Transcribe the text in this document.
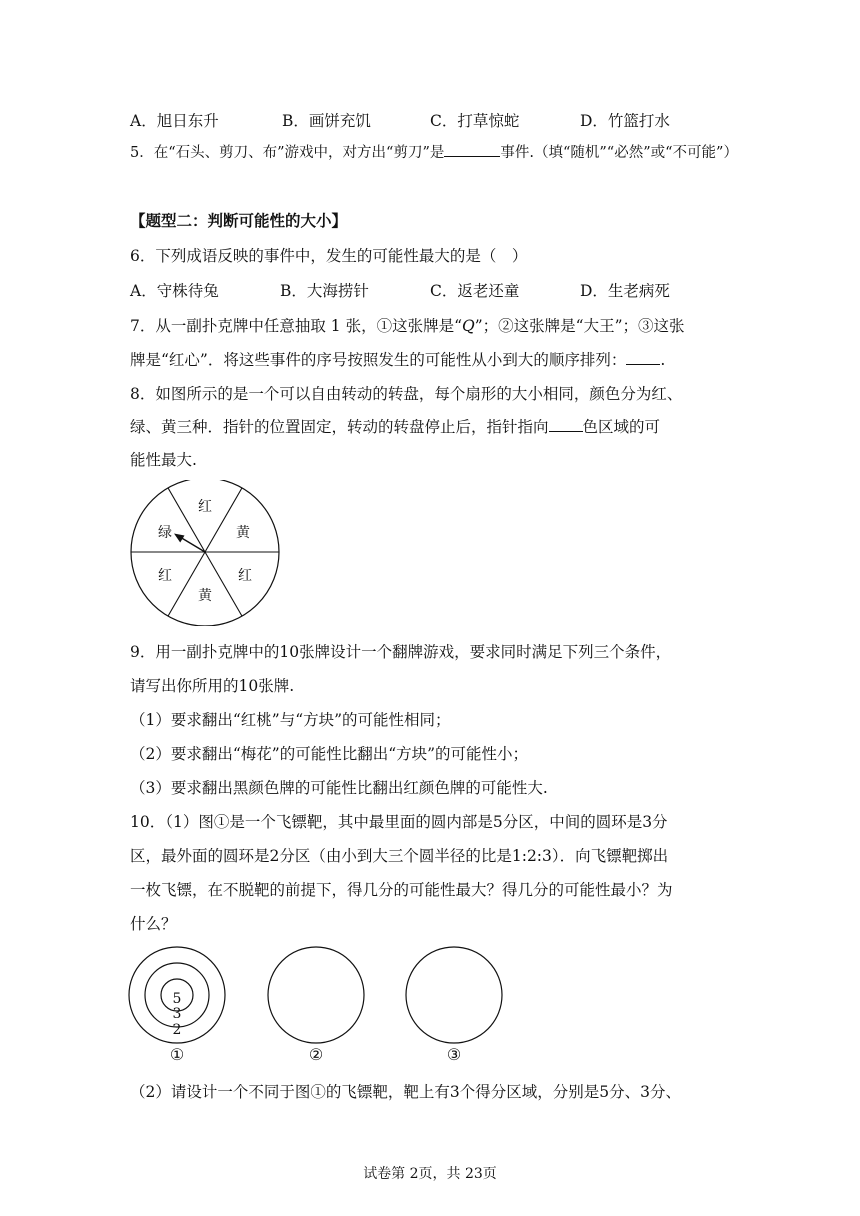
A．旭日东升	B．画饼充饥	C．打草惊蛇	D．竹篮打水
5．在“石头、剪刀、布”游戏中，对方出“剪刀”是	事件.（填“随机”“必然”或“不可能”）
【题型二：判断可能性的大小】
6．下列成语反映的事件中，发生的可能性最大的是（　）
A．守株待兔	B．大海捞针	C．返老还童	D．生老病死
7．从一副扑克牌中任意抽取 1 张，①这张牌是“Q”；②这张牌是“大王”；③这张
牌是“红心”．将这些事件的序号按照发生的可能性从小到大的顺序排列： .
8．如图所示的是一个可以自由转动的转盘，每个扇形的大小相同，颜色分为红、
绿、黄三种．指针的位置固定，转动的转盘停止后，指针指向 色区域的可
能性最大.
红
黄
红
黄
红
绿
9．用一副扑克牌中的10张牌设计一个翻牌游戏，要求同时满足下列三个条件，
请写出你所用的10张牌.
（1）要求翻出“红桃”与“方块”的可能性相同；
（2）要求翻出“梅花”的可能性比翻出“方块”的可能性小；
（3）要求翻出黑颜色牌的可能性比翻出红颜色牌的可能性大.
10．（1）图①是一个飞镖靶，其中最里面的圆内部是5分区，中间的圆环是3分
区，最外面的圆环是2分区（由小到大三个圆半径的比是1:2:3）．向飞镖靶掷出
一枚飞镖，在不脱靶的前提下，得几分的可能性最大？得几分的可能性最小？为
什么？
5
3
2
①	②	③
（2）请设计一个不同于图①的飞镖靶，靶上有3个得分区域，分别是5分、3分、
试卷第 2页，共 23页
